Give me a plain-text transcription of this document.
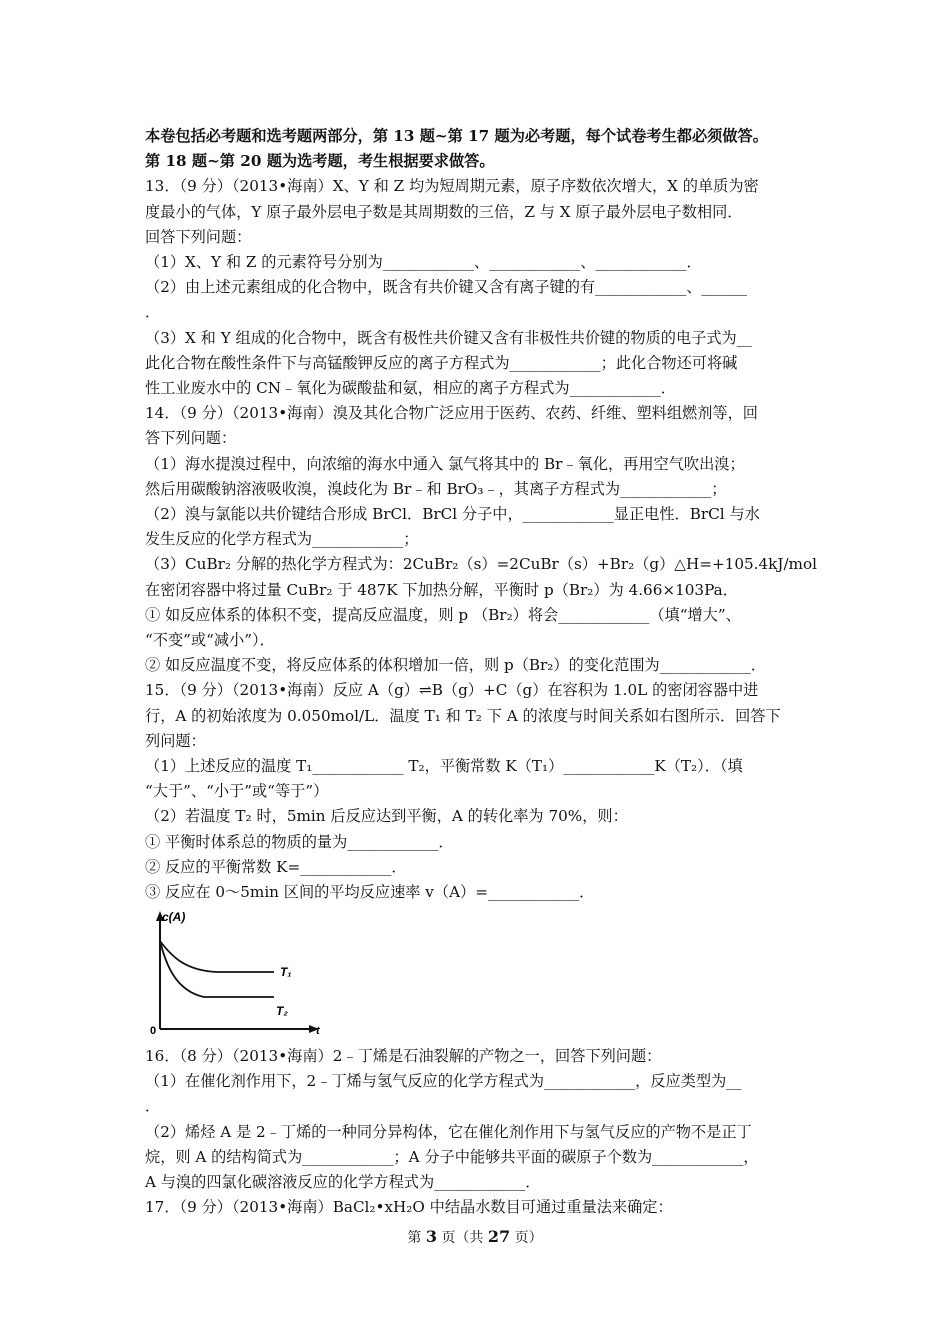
本卷包括必考题和选考题两部分，第 13 题~第 17 题为必考题，每个试卷考生都必须做答。
第 18 题~第 20 题为选考题，考生根据要求做答。
13．（9 分）（2013•海南）X、Y 和 Z 均为短周期元素，原子序数依次增大，X 的单质为密
度最小的气体，Y 原子最外层电子数是其周期数的三倍，Z 与 X 原子最外层电子数相同．
回答下列问题：
（1）X、Y 和 Z 的元素符号分别为____________、____________、____________．
（2）由上述元素组成的化合物中，既含有共价键又含有离子键的有____________、______
．
（3）X 和 Y 组成的化合物中，既含有极性共价键又含有非极性共价键的物质的电子式为__
此化合物在酸性条件下与高锰酸钾反应的离子方程式为____________；此化合物还可将碱
性工业废水中的 CN﹣氧化为碳酸盐和氨，相应的离子方程式为____________．
14．（9 分）（2013•海南）溴及其化合物广泛应用于医药、农药、纤维、塑料组燃剂等，回
答下列问题：
（1）海水提溴过程中，向浓缩的海水中通入 氯气将其中的 Br﹣氧化，再用空气吹出溴；
然后用碳酸钠溶液吸收溴，溴歧化为 Br﹣和 BrO₃﹣，其离子方程式为____________；
（2）溴与氯能以共价键结合形成 BrCl．BrCl 分子中，____________显正电性．BrCl 与水
发生反应的化学方程式为____________；
（3）CuBr₂ 分解的热化学方程式为：2CuBr₂（s）=2CuBr（s）+Br₂（g）△H=+105.4kJ/mol
在密闭容器中将过量 CuBr₂ 于 487K 下加热分解，平衡时 p（Br₂）为 4.66×103Pa．
① 如反应体系的体积不变，提高反应温度，则 p （Br₂）将会____________（填“增大”、
“不变”或“减小”）．
② 如反应温度不变，将反应体系的体积增加一倍，则 p（Br₂）的变化范围为____________．
15．（9 分）（2013•海南）反应 A（g）⇌B（g）+C（g）在容积为 1.0L 的密闭容器中进
行，A 的初始浓度为 0.050mol/L．温度 T₁ 和 T₂ 下 A 的浓度与时间关系如右图所示．回答下
列问题：
（1）上述反应的温度 T₁____________ T₂，平衡常数 K（T₁）____________K（T₂）．（填
“大于”、“小于”或“等于”）
（2）若温度 T₂ 时，5min 后反应达到平衡，A 的转化率为 70%，则：
① 平衡时体系总的物质的量为____________．
② 反应的平衡常数 K=____________．
③ 反应在 0～5min 区间的平均反应速率 v（A）=____________．
c(A)
t
0
T₁
T₂
16．（8 分）（2013•海南）2﹣丁烯是石油裂解的产物之一，回答下列问题：
（1）在催化剂作用下，2﹣丁烯与氢气反应的化学方程式为____________，反应类型为__
．
（2）烯烃 A 是 2﹣丁烯的一种同分异构体，它在催化剂作用下与氢气反应的产物不是正丁
烷，则 A 的结构简式为____________；A 分子中能够共平面的碳原子个数为____________，
A 与溴的四氯化碳溶液反应的化学方程式为____________．
17．（9 分）（2013•海南）BaCl₂•xH₂O 中结晶水数目可通过重量法来确定：
第 3 页（共 27 页）
